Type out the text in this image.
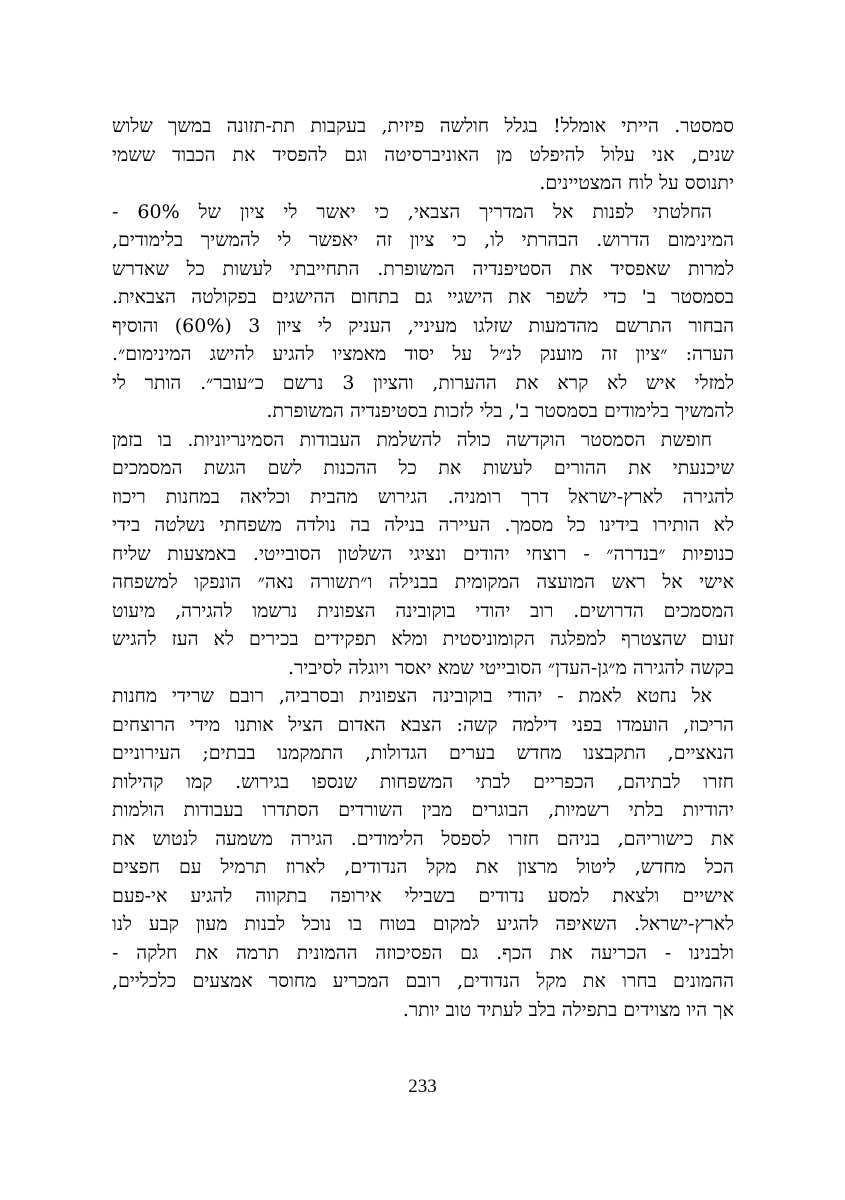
סמסטר. הייתי אומלל! בגלל חולשה פיזית, בעקבות תת-תזונה במשך שלוש
שנים, אני עלול להיפלט מן האוניברסיטה וגם להפסיד את הכבוד ששמי
יתנוסס על לוח המצטיינים.
החלטתי לפנות אל המדריך הצבאי, כי יאשר לי ציון של 60% -
המינימום הדרוש. הבהרתי לו, כי ציון זה יאפשר לי להמשיך בלימודים,
למרות שאפסיד את הסטיפנדיה המשופרת. התחייבתי לעשות כל שאדרש
בסמסטר ב' כדי לשפר את הישגיי גם בתחום ההישגים בפקולטה הצבאית.
הבחור התרשם מהדמעות שזלגו מעיניי, העניק לי ציון 3 (60%) והוסיף
הערה: ״ציון זה מוענק לנ״ל על יסוד מאמציו להגיע להישג המינימום״.
למזלי איש לא קרא את ההערות, והציון 3 נרשם כ״עובר״. הותר לי
להמשיך בלימודים בסמסטר ב', בלי לזכות בסטיפנדיה המשופרת.
חופשת הסמסטר הוקדשה כולה להשלמת העבודות הסמינריוניות. בו בזמן
שיכנעתי את ההורים לעשות את כל ההכנות לשם הגשת המסמכים
להגירה לארץ-ישראל דרך רומניה. הגירוש מהבית וכליאה במחנות ריכוז
לא הותירו בידינו כל מסמך. העיירה בנילה בה נולדה משפחתי נשלטה בידי
כנופיות ״בנדרה״ - רוצחי יהודים ונציגי השלטון הסובייטי. באמצעות שליח
אישי אל ראש המועצה המקומית בבנילה ו״תשורה נאה״ הונפקו למשפחה
המסמכים הדרושים. רוב יהודי בוקובינה הצפונית נרשמו להגירה, מיעוט
זעום שהצטרף למפלגה הקומוניסטית ומלא תפקידים בכירים לא העז להגיש
בקשה להגירה מ״גן-העדן״ הסובייטי שמא יאסר ויוגלה לסיביר.
אל נחטא לאמת - יהודי בוקובינה הצפונית ובסרביה, רובם שרידי מחנות
הריכוז, הועמדו בפני דילמה קשה: הצבא האדום הציל אותנו מידי הרוצחים
הנאציים, התקבצנו מחדש בערים הגדולות, התמקמנו בבתים; העירוניים
חזרו לבתיהם, הכפריים לבתי המשפחות שנספו בגירוש. קמו קהילות
יהודיות בלתי רשמיות, הבוגרים מבין השורדים הסתדרו בעבודות הולמות
את כישוריהם, בניהם חזרו לספסל הלימודים. הגירה משמעה לנטוש את
הכל מחדש, ליטול מרצון את מקל הנדודים, לארוז תרמיל עם חפצים
אישיים ולצאת למסע נדודים בשבילי אירופה בתקווה להגיע אי-פעם
לארץ-ישראל. השאיפה להגיע למקום בטוח בו נוכל לבנות מעון קבע לנו
ולבנינו - הכריעה את הכף. גם הפסיכוזה ההמונית תרמה את חלקה -
ההמונים בחרו את מקל הנדודים, רובם המכריע מחוסר אמצעים כלכליים,
אך היו מצוידים בתפילה בלב לעתיד טוב יותר.
233
